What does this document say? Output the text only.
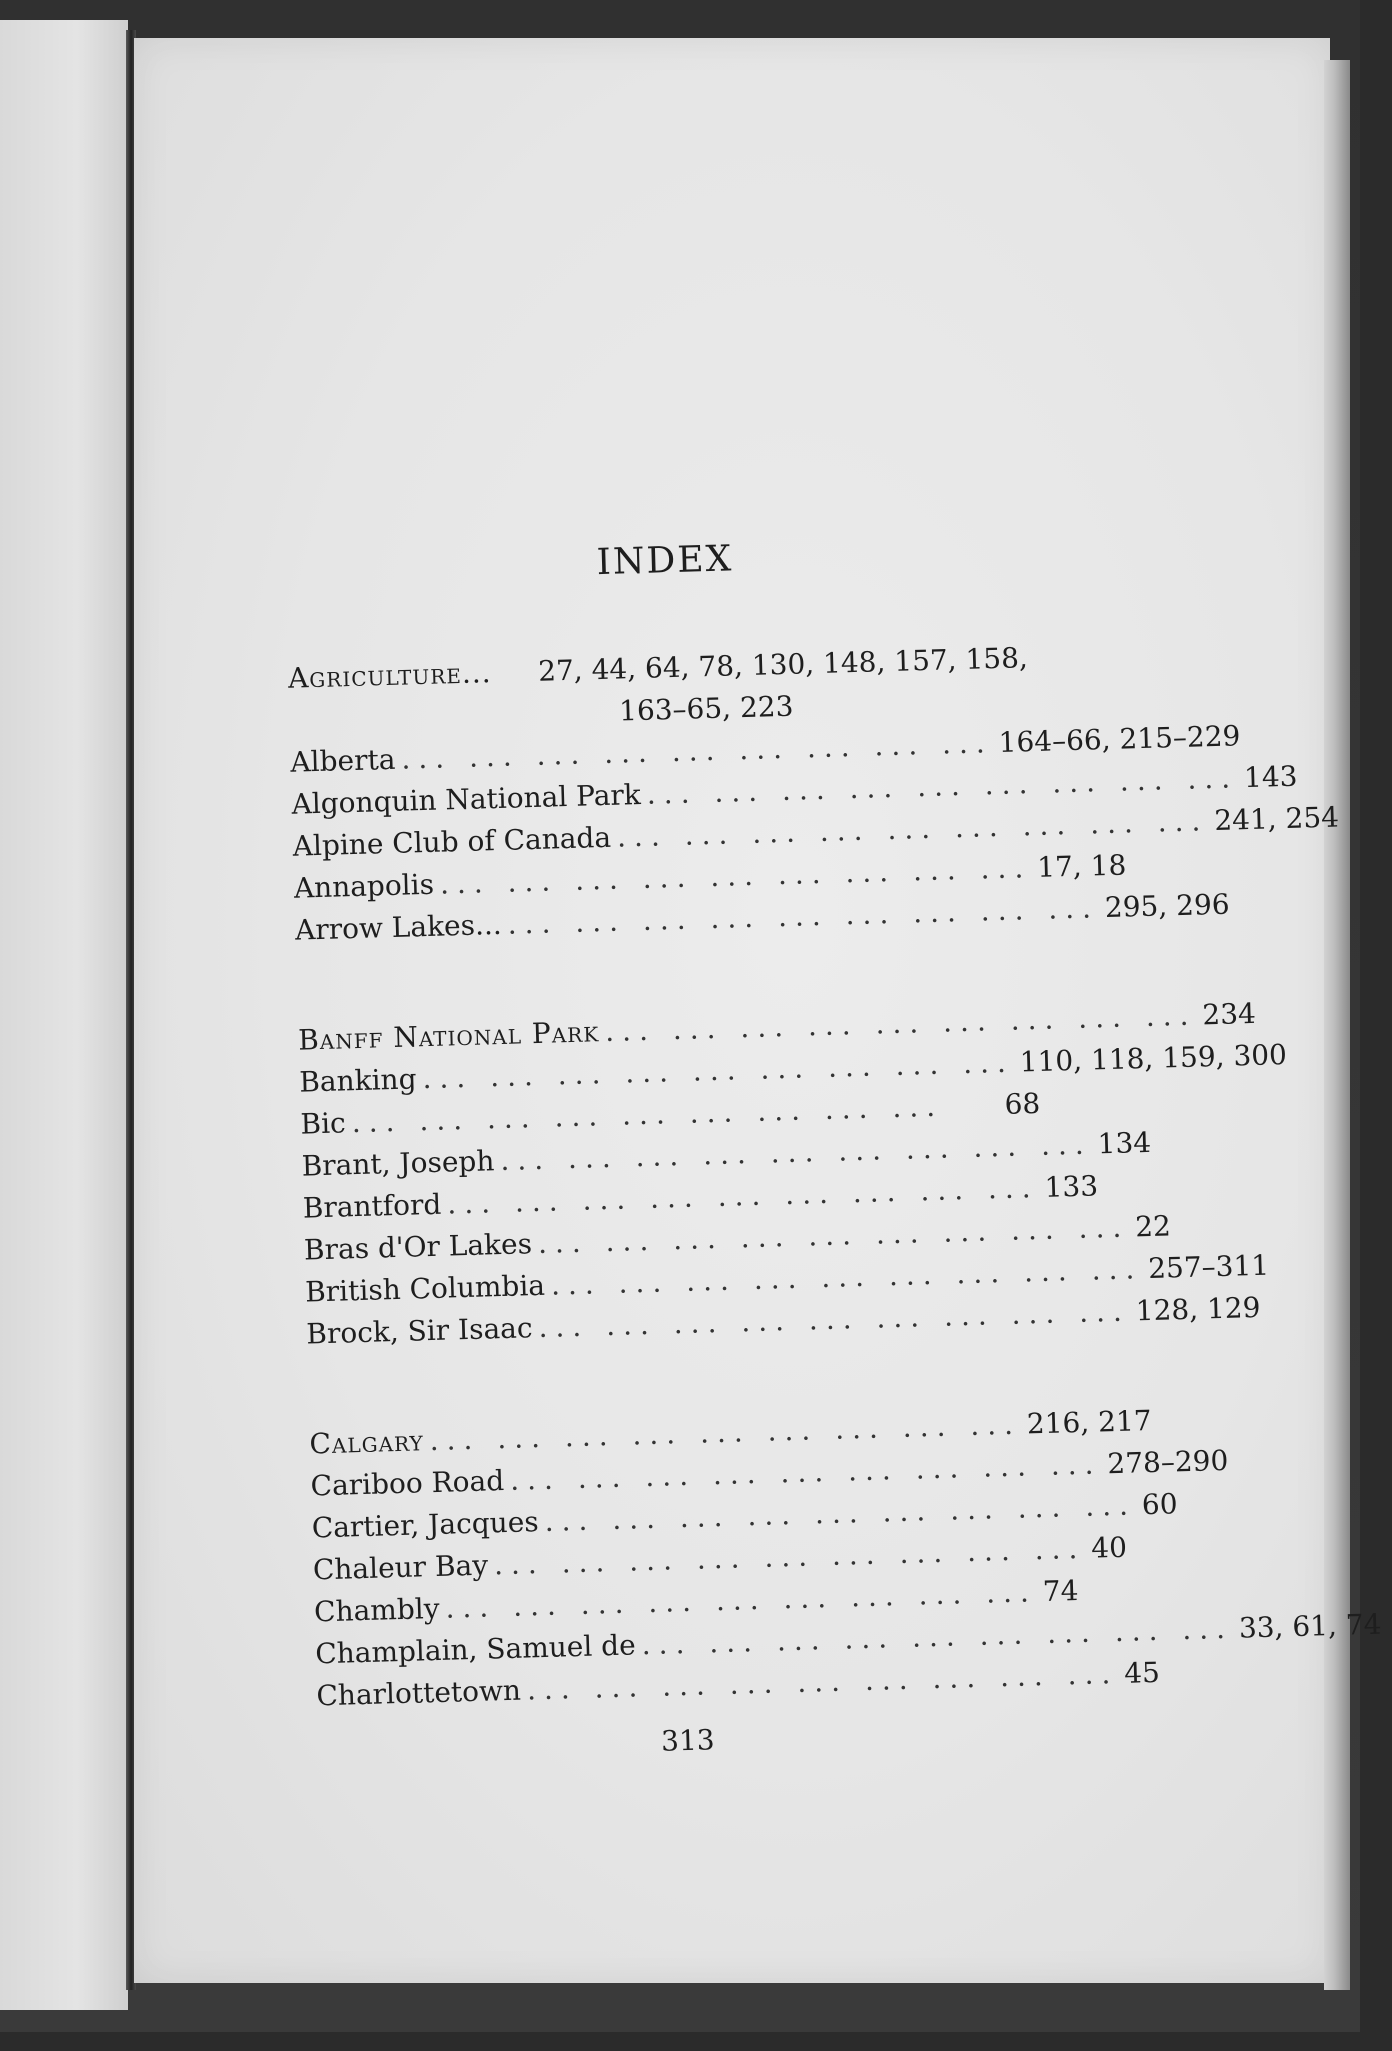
INDEX
Agriculture... 27, 44, 64, 78, 130, 148, 157, 158,
163–65, 223
Alberta ... ... ... ... ... ... ... ... ... 164–66, 215–229
Algonquin National Park ... ... ... ... ... ... ... ... ... 143
Alpine Club of Canada ... ... ... ... ... ... ... ... ... 241, 254
Annapolis ... ... ... ... ... ... ... ... ... 17, 18
Arrow Lakes... ... ... ... ... ... ... ... ... ... 295, 296
Banff National Park ... ... ... ... ... ... ... ... ... 234
Banking ... ... ... ... ... ... ... ... ... 110, 118, 159, 300
Bic ... ... ... ... ... ... ... ... ...	68
Brant, Joseph ... ... ... ... ... ... ... ... ... 134
Brantford ... ... ... ... ... ... ... ... ... 133
Bras d'Or Lakes ... ... ... ... ... ... ... ... ... 22
British Columbia ... ... ... ... ... ... ... ... ... 257–311
Brock, Sir Isaac ... ... ... ... ... ... ... ... ... 128, 129
Calgary ... ... ... ... ... ... ... ... ... 216, 217
Cariboo Road ... ... ... ... ... ... ... ... ... 278–290
Cartier, Jacques ... ... ... ... ... ... ... ... ... 60
Chaleur Bay ... ... ... ... ... ... ... ... ... 40
Chambly ... ... ... ... ... ... ... ... ... 74
Champlain, Samuel de ... ... ... ... ... ... ... ... ... 33, 61, 74
Charlottetown ... ... ... ... ... ... ... ... ... 45
313
